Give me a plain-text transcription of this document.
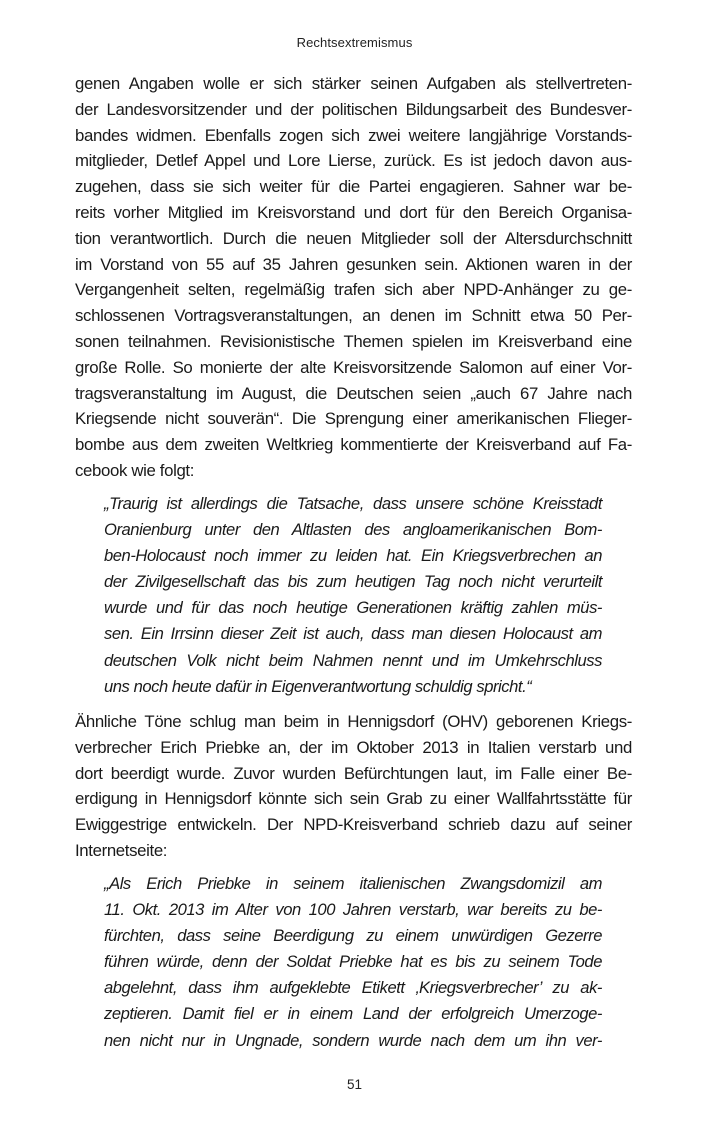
Rechtsextremismus
genen Angaben wolle er sich stärker seinen Aufgaben als stellvertreten-
der Landesvorsitzender und der politischen Bildungsarbeit des Bundesver-
bandes widmen. Ebenfalls zogen sich zwei weitere langjährige Vorstands-
mitglieder, Detlef Appel und Lore Lierse, zurück. Es ist jedoch davon aus-
zugehen, dass sie sich weiter für die Partei engagieren. Sahner war be-
reits vorher Mitglied im Kreisvorstand und dort für den Bereich Organisa-
tion verantwortlich. Durch die neuen Mitglieder soll der Altersdurchschnitt
im Vorstand von 55 auf 35 Jahren gesunken sein. Aktionen waren in der
Vergangenheit selten, regelmäßig trafen sich aber NPD-Anhänger zu ge-
schlossenen Vortragsveranstaltungen, an denen im Schnitt etwa 50 Per-
sonen teilnahmen. Revisionistische Themen spielen im Kreisverband eine
große Rolle. So monierte der alte Kreisvorsitzende Salomon auf einer Vor-
tragsveranstaltung im August, die Deutschen seien „auch 67 Jahre nach
Kriegsende nicht souverän“. Die Sprengung einer amerikanischen Flieger-
bombe aus dem zweiten Weltkrieg kommentierte der Kreisverband auf Fa-
cebook wie folgt:
„Traurig ist allerdings die Tatsache, dass unsere schöne Kreisstadt
Oranienburg unter den Altlasten des angloamerikanischen Bom-
ben-Holocaust noch immer zu leiden hat. Ein Kriegsverbrechen an
der Zivilgesellschaft das bis zum heutigen Tag noch nicht verurteilt
wurde und für das noch heutige Generationen kräftig zahlen müs-
sen. Ein Irrsinn dieser Zeit ist auch, dass man diesen Holocaust am
deutschen Volk nicht beim Nahmen nennt und im Umkehrschluss
uns noch heute dafür in Eigenverantwortung schuldig spricht.“
Ähnliche Töne schlug man beim in Hennigsdorf (OHV) geborenen Kriegs-
verbrecher Erich Priebke an, der im Oktober 2013 in Italien verstarb und
dort beerdigt wurde. Zuvor wurden Befürchtungen laut, im Falle einer Be-
erdigung in Hennigsdorf könnte sich sein Grab zu einer Wallfahrtsstätte für
Ewiggestrige entwickeln. Der NPD-Kreisverband schrieb dazu auf seiner
Internetseite:
„Als Erich Priebke in seinem italienischen Zwangsdomizil am
11. Okt. 2013 im Alter von 100 Jahren verstarb, war bereits zu be-
fürchten, dass seine Beerdigung zu einem unwürdigen Gezerre
führen würde, denn der Soldat Priebke hat es bis zu seinem Tode
abgelehnt, dass ihm aufgeklebte Etikett ‚Kriegsverbrecher’ zu ak-
zeptieren. Damit fiel er in einem Land der erfolgreich Umerzoge-
nen nicht nur in Ungnade, sondern wurde nach dem um ihn ver-
51
